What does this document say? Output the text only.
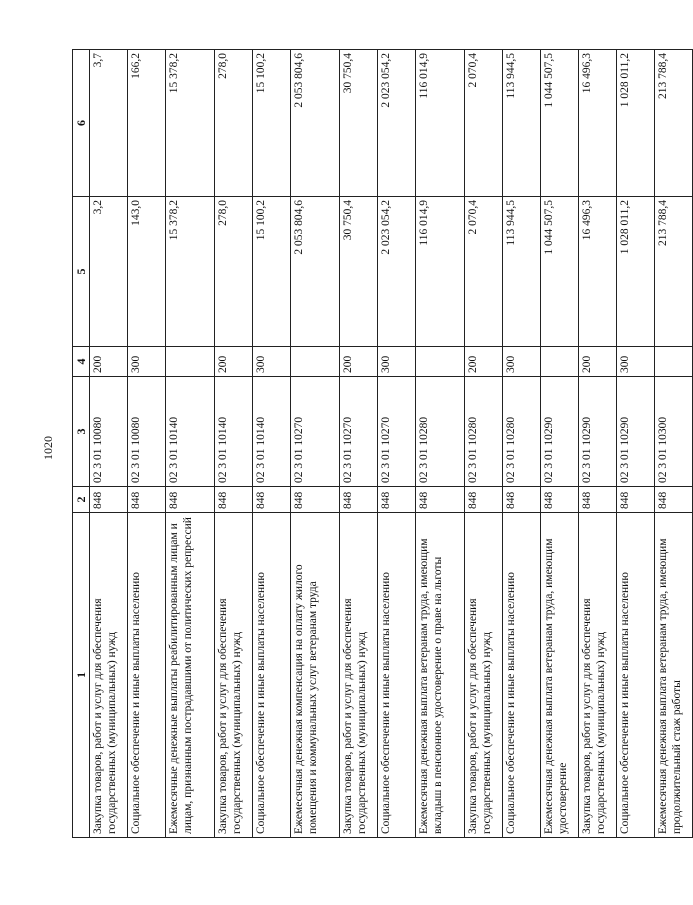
1020
1	2	3	4	5	6
Закупка товаров, работ и услуг для обеспечения государственных (муниципальных) нужд	848	02 3 01 10080	200	3,2	3,7
Социальное обеспечение и иные выплаты населению	848	02 3 01 10080	300	143,0	166,2
Ежемесячные денежные выплаты реабилитированным лицам и лицам, признанным пострадавшими от политических репрессий	848	02 3 01 10140		15 378,2	15 378,2
Закупка товаров, работ и услуг для обеспечения государственных (муниципальных) нужд	848	02 3 01 10140	200	278,0	278,0
Социальное обеспечение и иные выплаты населению	848	02 3 01 10140	300	15 100,2	15 100,2
Ежемесячная денежная компенсация на оплату жилого помещения и коммунальных услуг ветеранам труда	848	02 3 01 10270		2 053 804,6	2 053 804,6
Закупка товаров, работ и услуг для обеспечения государственных (муниципальных) нужд	848	02 3 01 10270	200	30 750,4	30 750,4
Социальное обеспечение и иные выплаты населению	848	02 3 01 10270	300	2 023 054,2	2 023 054,2
Ежемесячная денежная выплата ветеранам труда, имеющим вкладыш в пенсионное удостоверение о праве на льготы	848	02 3 01 10280		116 014,9	116 014,9
Закупка товаров, работ и услуг для обеспечения государственных (муниципальных) нужд	848	02 3 01 10280	200	2 070,4	2 070,4
Социальное обеспечение и иные выплаты населению	848	02 3 01 10280	300	113 944,5	113 944,5
Ежемесячная денежная выплата ветеранам труда, имеющим удостоверение	848	02 3 01 10290		1 044 507,5	1 044 507,5
Закупка товаров, работ и услуг для обеспечения государственных (муниципальных) нужд	848	02 3 01 10290	200	16 496,3	16 496,3
Социальное обеспечение и иные выплаты населению	848	02 3 01 10290	300	1 028 011,2	1 028 011,2
Ежемесячная денежная выплата ветеранам труда, имеющим продолжительный стаж работы	848	02 3 01 10300		213 788,4	213 788,4
